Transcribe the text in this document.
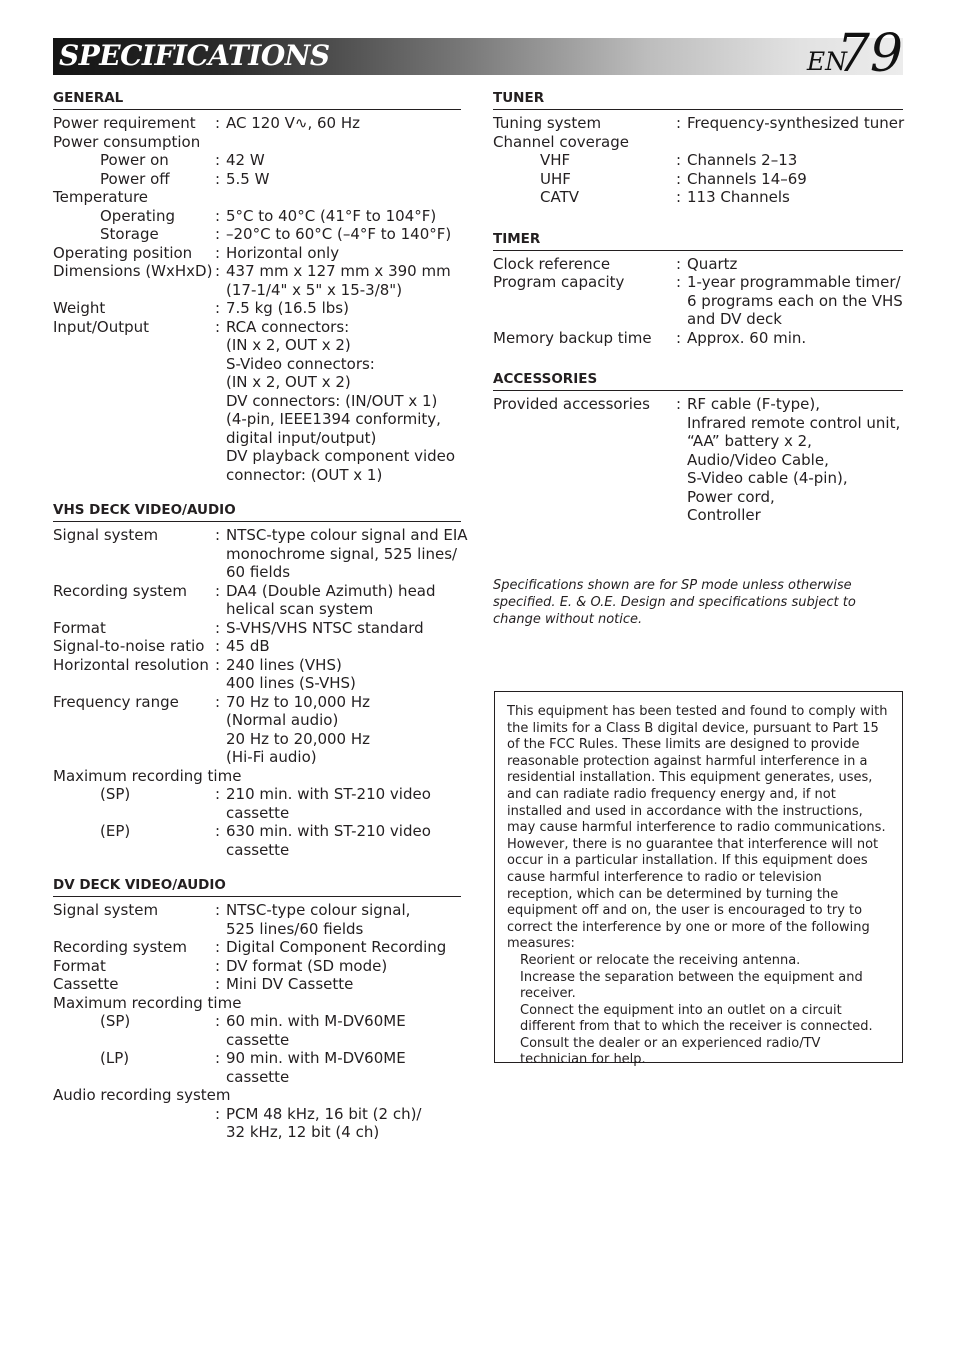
SPECIFICATIONS	EN
79
GENERAL
Power requirement	: AC 120 V∿, 60 Hz
Power consumption
Power on	: 42 W
Power off	: 5.5 W
Temperature
Operating	: 5°C to 40°C (41°F to 104°F)
Storage	: –20°C to 60°C (–4°F to 140°F)
Operating position	: Horizontal only
Dimensions (WxHxD) : 437 mm x 127 mm x 390 mm
(17-1/4" x 5" x 15-3/8")
Weight	: 7.5 kg (16.5 lbs)
Input/Output	: RCA connectors:
(IN x 2, OUT x 2)
S-Video connectors:
(IN x 2, OUT x 2)
DV connectors: (IN/OUT x 1)
(4-pin, IEEE1394 conformity,
digital input/output)
DV playback component video
connector: (OUT x 1)
VHS DECK VIDEO/AUDIO
Signal system	: NTSC-type colour signal and EIA
monochrome signal, 525 lines/
60 fields
Recording system	: DA4 (Double Azimuth) head
helical scan system
Format	: S-VHS/VHS NTSC standard
Signal-to-noise ratio : 45 dB
Horizontal resolution : 240 lines (VHS)
400 lines (S-VHS)
Frequency range	: 70 Hz to 10,000 Hz
(Normal audio)
20 Hz to 20,000 Hz
(Hi-Fi audio)
Maximum recording time
(SP)	: 210 min. with ST-210 video
cassette
(EP)	: 630 min. with ST-210 video
cassette
DV DECK VIDEO/AUDIO
Signal system	: NTSC-type colour signal,
525 lines/60 fields
Recording system	: Digital Component Recording
Format	: DV format (SD mode)
Cassette	: Mini DV Cassette
Maximum recording time
(SP)	: 60 min. with M-DV60ME
cassette
(LP)	: 90 min. with M-DV60ME
cassette
Audio recording system
: PCM 48 kHz, 16 bit (2 ch)/
32 kHz, 12 bit (4 ch)
TUNER
Tuning system	: Frequency-synthesized tuner
Channel coverage
VHF	: Channels 2–13
UHF	: Channels 14–69
CATV	: 113 Channels
TIMER
Clock reference	: Quartz
Program capacity	: 1-year programmable timer/
6 programs each on the VHS
and DV deck
Memory backup time	: Approx. 60 min.
ACCESSORIES
Provided accessories	: RF cable (F-type),
Infrared remote control unit,
“AA” battery x 2,
Audio/Video Cable,
S-Video cable (4-pin),
Power cord,
Controller
Specifications shown are for SP mode unless otherwise specified. E. & O.E. Design and specifications subject to change without notice.
This equipment has been tested and found to comply with the limits for a Class B digital device, pursuant to Part 15 of the FCC Rules. These limits are designed to provide reasonable protection against harmful interference in a residential installation. This equipment generates, uses, and can radiate radio frequency energy and, if not installed and used in accordance with the instructions, may cause harmful interference to radio communications. However, there is no guarantee that interference will not occur in a particular installation. If this equipment does cause harmful interference to radio or television reception, which can be determined by turning the equipment off and on, the user is encouraged to try to correct the interference by one or more of the following measures:
Reorient or relocate the receiving antenna.
Increase the separation between the equipment and receiver.
Connect the equipment into an outlet on a circuit different from that to which the receiver is connected.
Consult the dealer or an experienced radio/TV technician for help.
